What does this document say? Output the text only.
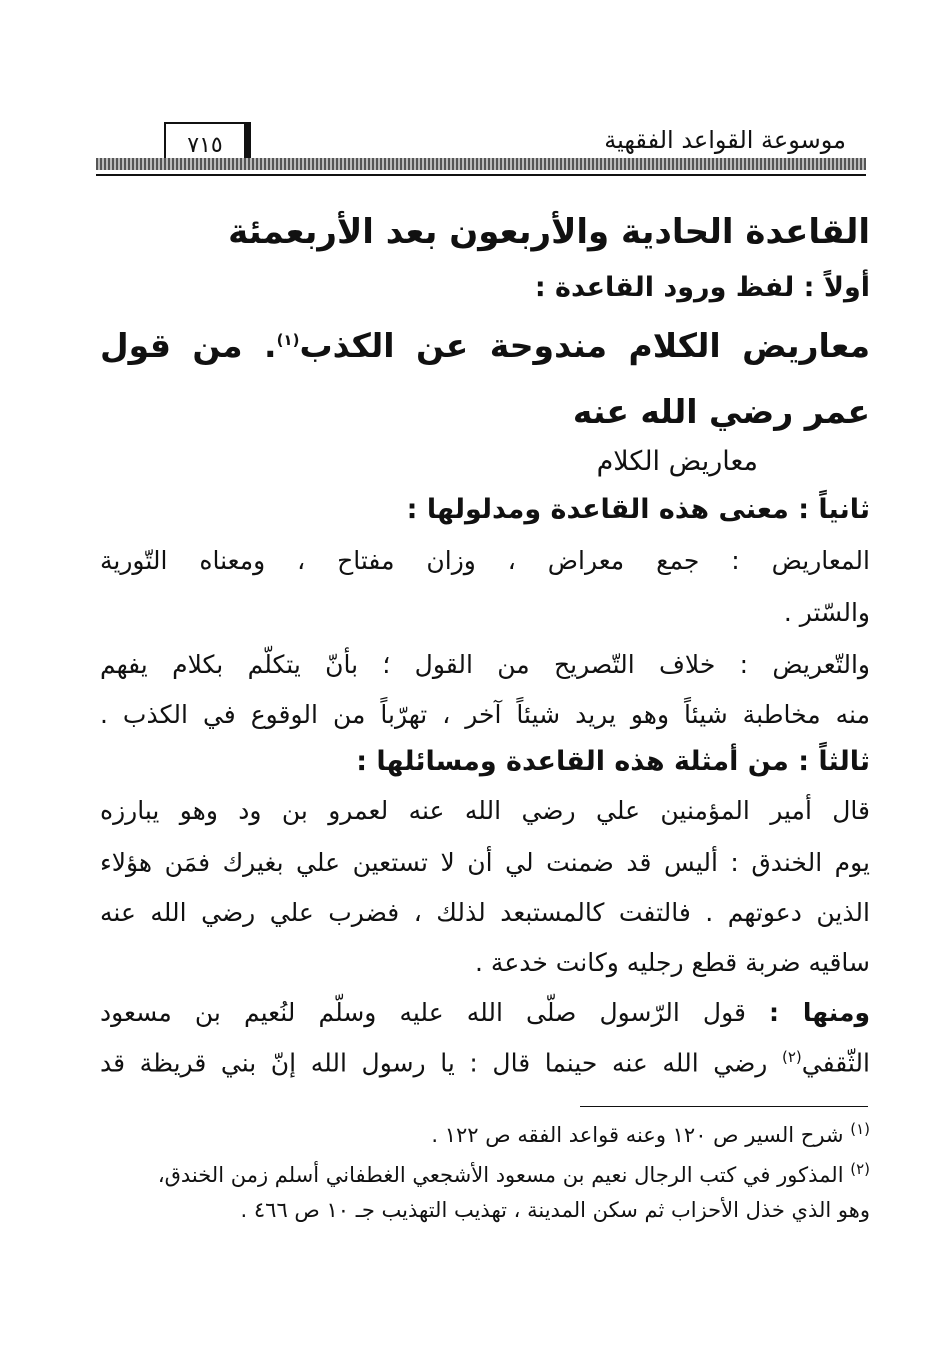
موسوعة القواعد الفقهية
٧١٥
القاعدة الحادية والأربعون بعد الأربعمئة
أولاً : لفظ ورود القاعدة :
معاريض الكلام مندوحة عن الكذب$^{(١)}$. من قول
عمر رضي الله عنه
معاريض الكلام
ثانياً : معنى هذه القاعدة ومدلولها :
المعاريض : جمع معراض ، وزان مفتاح ، ومعناه التّورية
والسّتر .
والتّعريض : خلاف التّصريح من القول ؛ بأنّ يتكلّم بكلام يفهم
منه مخاطبة شيئاً وهو يريد شيئاً آخر ، تهرّباً من الوقوع في الكذب .
ثالثاً : من أمثلة هذه القاعدة ومسائلها :
قال أمير المؤمنين علي رضي الله عنه لعمرو بن ود وهو يبارزه
يوم الخندق : أليس قد ضمنت لي أن لا تستعين علي بغيرك فمَن هؤلاء
الذين دعوتهم . فالتفت كالمستبعد لذلك ، فضرب علي رضي الله عنه
ساقيه ضربة قطع رجليه وكانت خدعة .
ومنها : قول الرّسول صلّى الله عليه وسلّم لنُعيم بن مسعود
الثّقفي$^{(٢)}$ رضي الله عنه حينما قال : يا رسول الله إنّ بني قريظة قد
$^{(١)}$ شرح السير ص ١٢٠ وعنه قواعد الفقه ص ١٢٢ .
$^{(٢)}$ المذكور في كتب الرجال نعيم بن مسعود الأشجعي الغطفاني أسلم زمن الخندق،
وهو الذي خذل الأحزاب ثم سكن المدينة ، تهذيب التهذيب جـ ١٠ ص ٤٦٦ .
